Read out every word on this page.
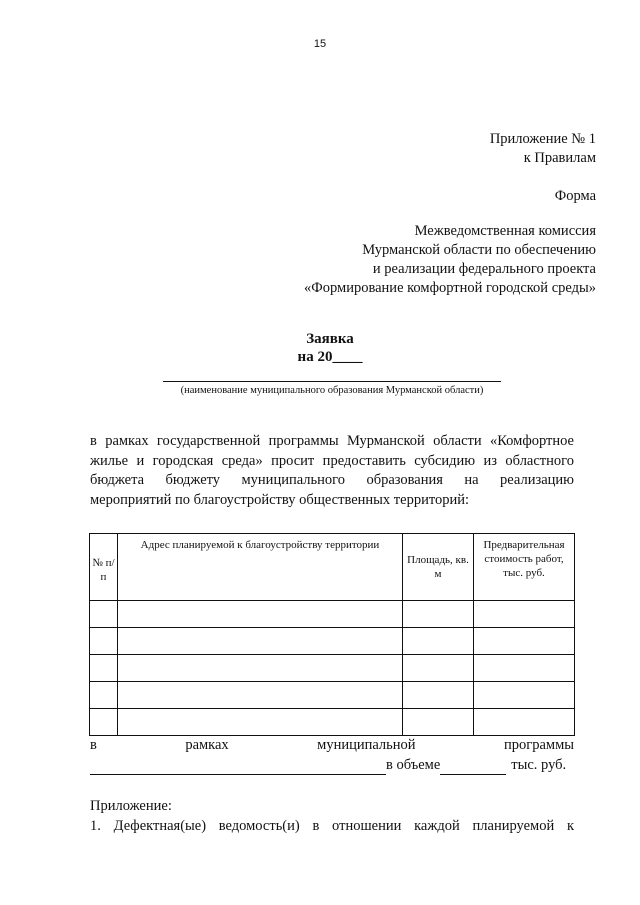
15
Приложение № 1
к Правилам
Форма
Межведомственная комиссия
Мурманской области по обеспечению
и реализации федерального проекта
«Формирование комфортной городской среды»
Заявка
на 20____
(наименование муниципального образования Мурманской области)
в рамках государственной программы Мурманской области «Комфортное
жилье и городская среда» просит предоставить субсидию из областного
бюджета бюджету муниципального образования на реализацию
мероприятий по благоустройству общественных территорий:
№ п/п	Адрес планируемой к благоустройству территории	Площадь, кв. м	Предварительная стоимость работ, тыс. руб.

в	рамках	муниципальной	программы
в объеме	тыс. руб.
Приложение:
1. Дефектная(ые) ведомость(и) в отношении каждой планируемой к
